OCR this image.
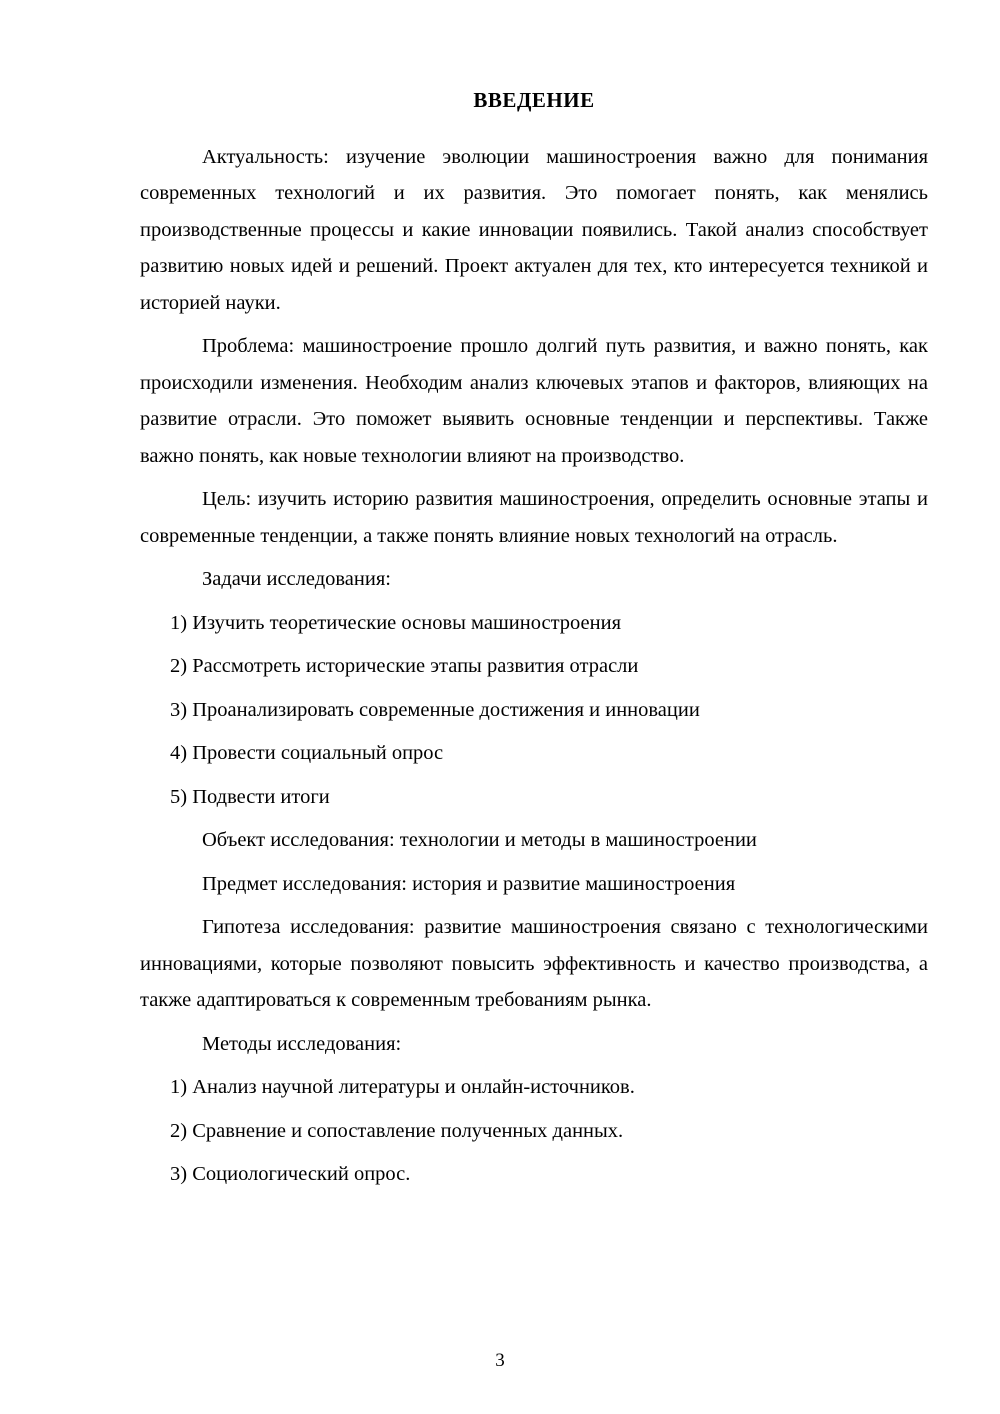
ВВЕДЕНИЕ

Актуальность: изучение эволюции машиностроения важно для понимания современных технологий и их развития. Это помогает понять, как менялись производственные процессы и какие инновации появились. Такой анализ способствует развитию новых идей и решений. Проект актуален для тех, кто интересуется техникой и историей науки.

Проблема: машиностроение прошло долгий путь развития, и важно понять, как происходили изменения. Необходим анализ ключевых этапов и факторов, влияющих на развитие отрасли. Это поможет выявить основные тенденции и перспективы. Также важно понять, как новые технологии влияют на производство.

Цель: изучить историю развития машиностроения, определить основные этапы и современные тенденции, а также понять влияние новых технологий на отрасль.

Задачи исследования:

1) Изучить теоретические основы машиностроения

2) Рассмотреть исторические этапы развития отрасли

3) Проанализировать современные достижения и инновации

4) Провести социальный опрос

5) Подвести итоги

Объект исследования: технологии и методы в машиностроении

Предмет исследования: история и развитие машиностроения

Гипотеза исследования: развитие машиностроения связано с технологическими инновациями, которые позволяют повысить эффективность и качество производства, а также адаптироваться к современным требованиям рынка.

Методы исследования:

1) Анализ научной литературы и онлайн-источников.

2) Сравнение и сопоставление полученных данных.

3) Социологический опрос.

3
